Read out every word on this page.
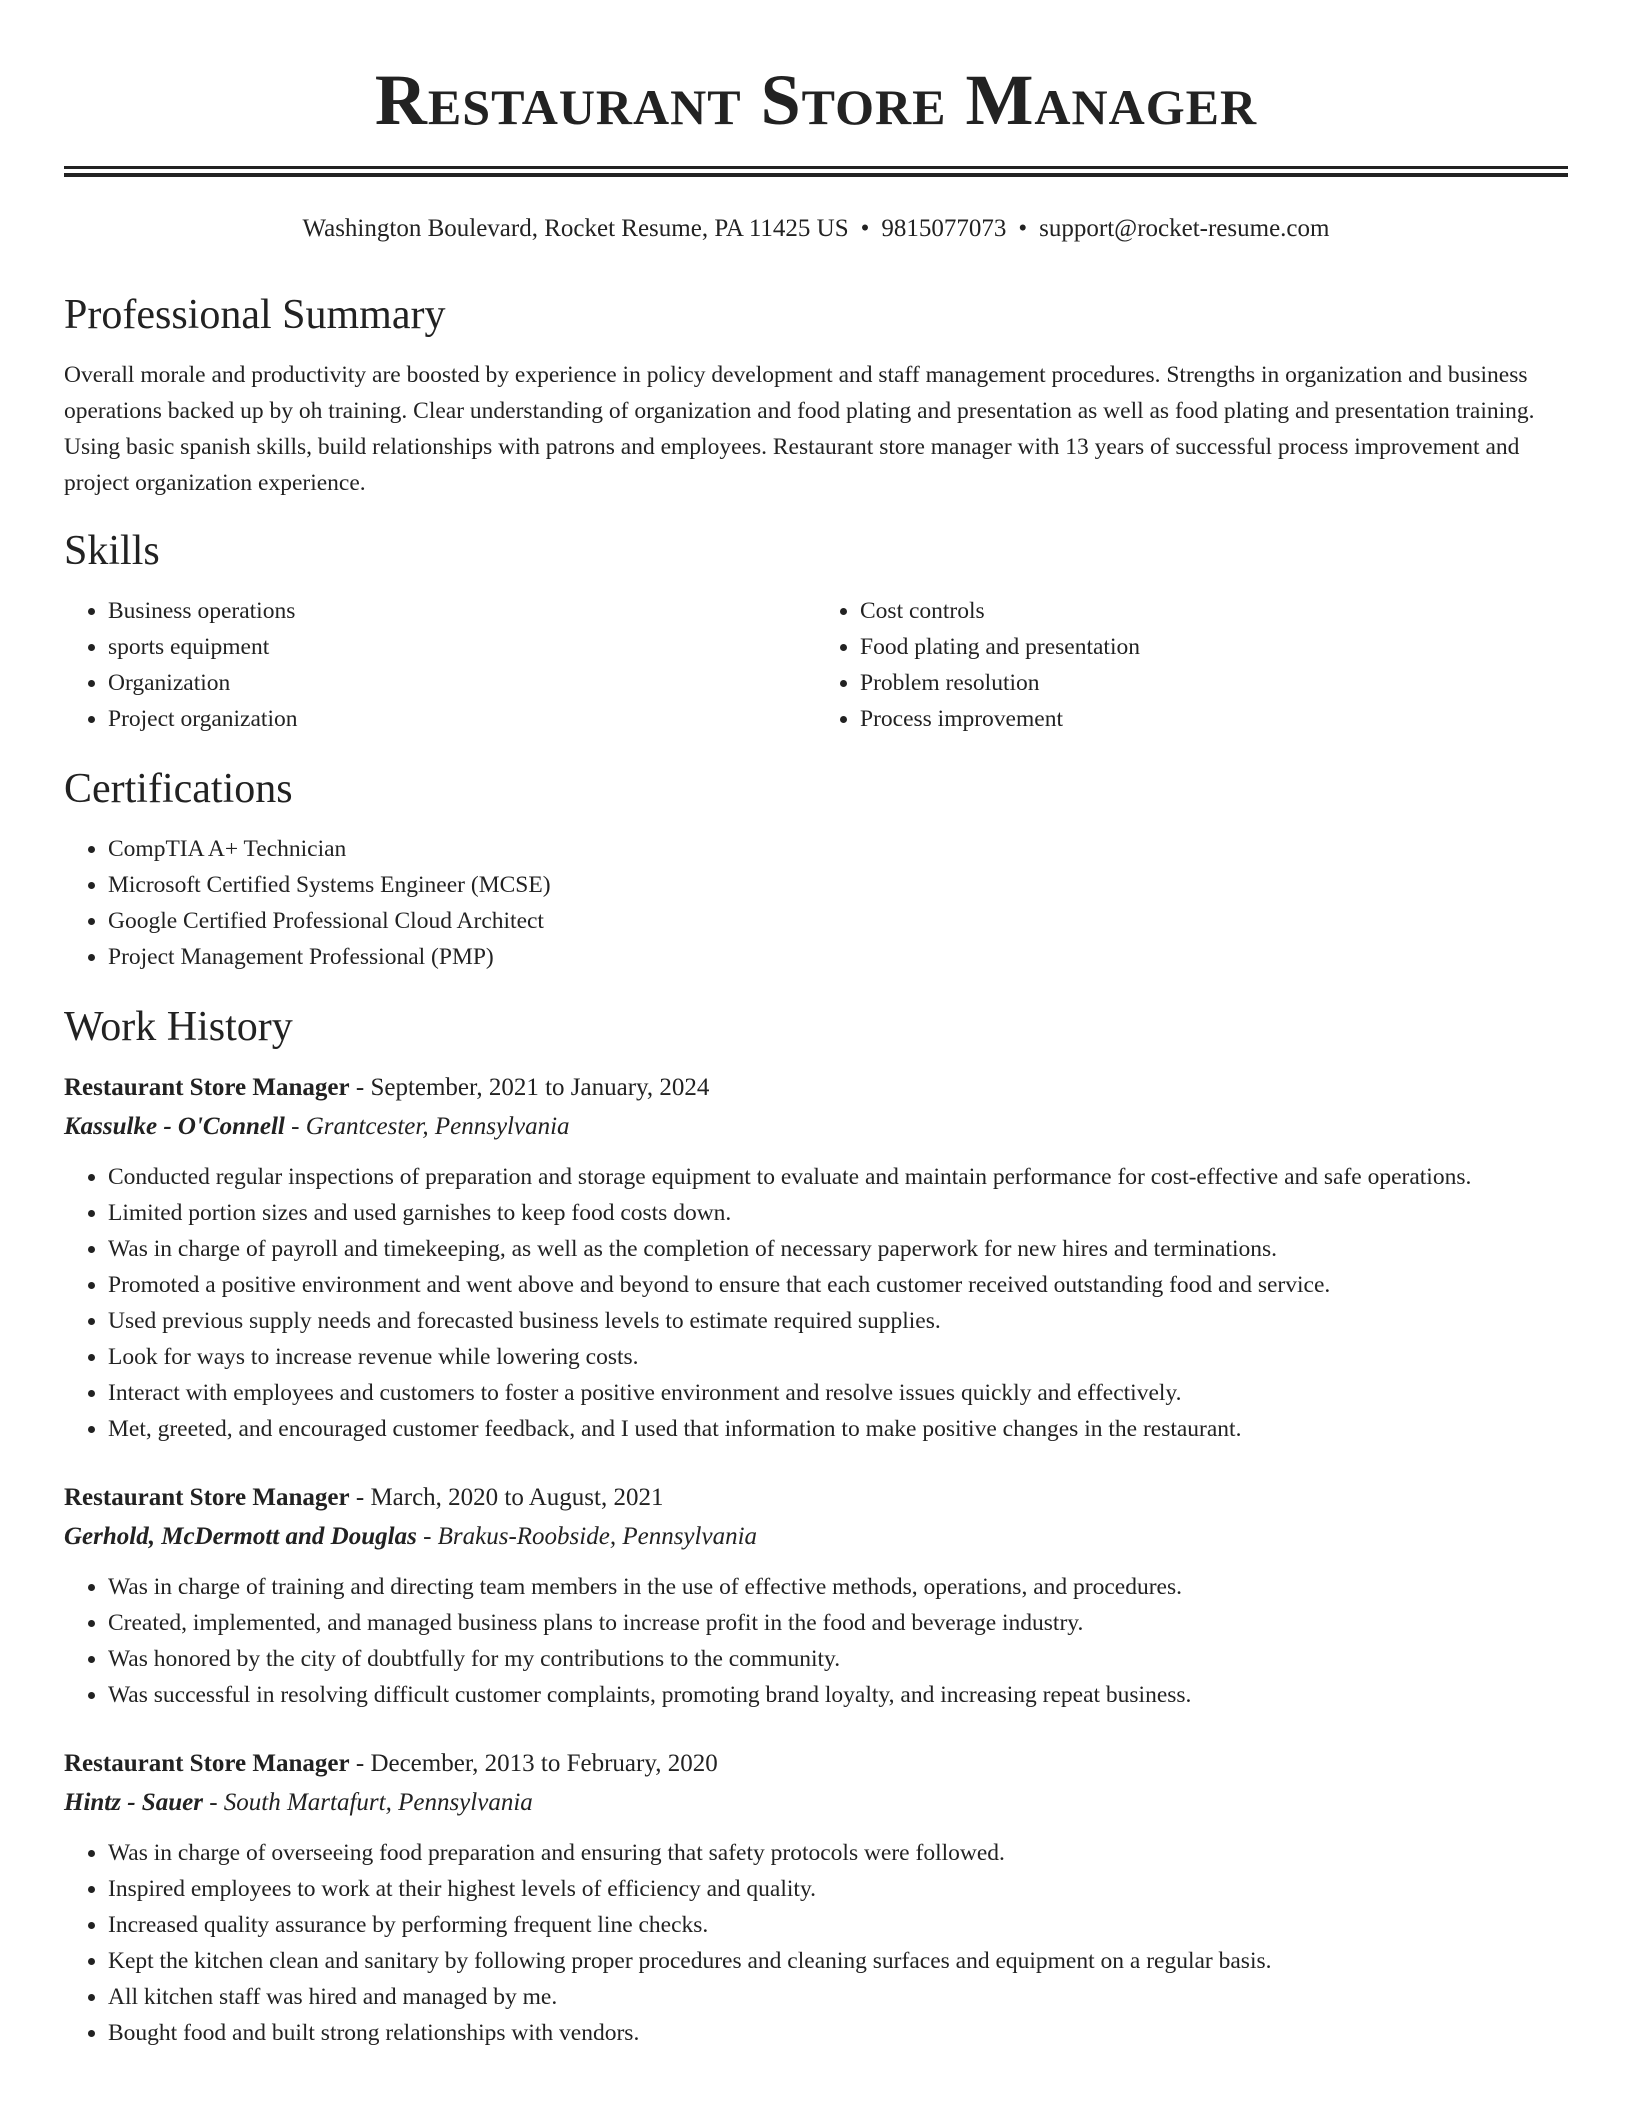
Restaurant Store Manager
Washington Boulevard, Rocket Resume, PA 11425 US • 9815077073 • support@rocket-resume.com
Professional Summary

Overall morale and productivity are boosted by experience in policy development and staff management procedures. Strengths in organization and business operations backed up by oh training. Clear understanding of organization and food plating and presentation as well as food plating and presentation training. Using basic spanish skills, build relationships with patrons and employees. Restaurant store manager with 13 years of successful process improvement and project organization experience.

Skills
• Business operations
• sports equipment
• Organization
• Project organization
• Cost controls
• Food plating and presentation
• Problem resolution
• Process improvement
Certifications
• CompTIA A+ Technician
• Microsoft Certified Systems Engineer (MCSE)
• Google Certified Professional Cloud Architect
• Project Management Professional (PMP)
Work History
Restaurant Store Manager - September, 2021 to January, 2024
Kassulke - O'Connell - Grantcester, Pennsylvania
• Conducted regular inspections of preparation and storage equipment to evaluate and maintain performance for cost-effective and safe operations.
• Limited portion sizes and used garnishes to keep food costs down.
• Was in charge of payroll and timekeeping, as well as the completion of necessary paperwork for new hires and terminations.
• Promoted a positive environment and went above and beyond to ensure that each customer received outstanding food and service.
• Used previous supply needs and forecasted business levels to estimate required supplies.
• Look for ways to increase revenue while lowering costs.
• Interact with employees and customers to foster a positive environment and resolve issues quickly and effectively.
• Met, greeted, and encouraged customer feedback, and I used that information to make positive changes in the restaurant.
Restaurant Store Manager - March, 2020 to August, 2021
Gerhold, McDermott and Douglas - Brakus-Roobside, Pennsylvania
• Was in charge of training and directing team members in the use of effective methods, operations, and procedures.
• Created, implemented, and managed business plans to increase profit in the food and beverage industry.
• Was honored by the city of doubtfully for my contributions to the community.
• Was successful in resolving difficult customer complaints, promoting brand loyalty, and increasing repeat business.
Restaurant Store Manager - December, 2013 to February, 2020
Hintz - Sauer - South Martafurt, Pennsylvania
• Was in charge of overseeing food preparation and ensuring that safety protocols were followed.
• Inspired employees to work at their highest levels of efficiency and quality.
• Increased quality assurance by performing frequent line checks.
• Kept the kitchen clean and sanitary by following proper procedures and cleaning surfaces and equipment on a regular basis.
• All kitchen staff was hired and managed by me.
• Bought food and built strong relationships with vendors.
